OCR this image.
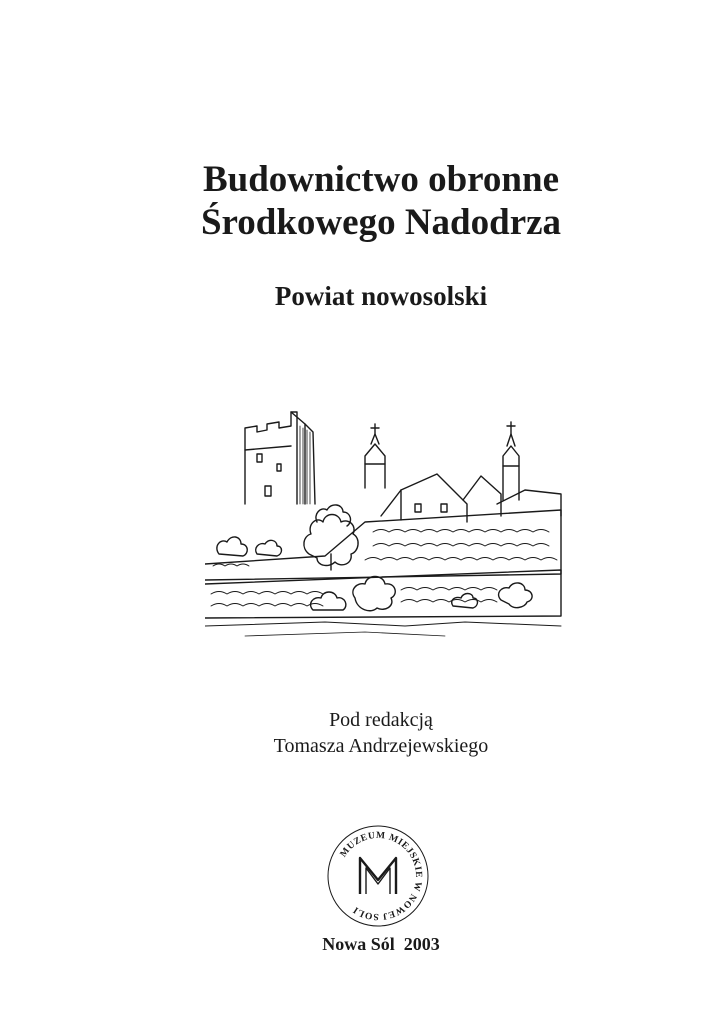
Budownictwo obronne
Środkowego Nadodrza
Powiat nowosolski
Pod redakcją
Tomasza Andrzejewskiego
MUZEUM MIEJSKIE W NOWEJ SOLI
Nowa Sól  2003
